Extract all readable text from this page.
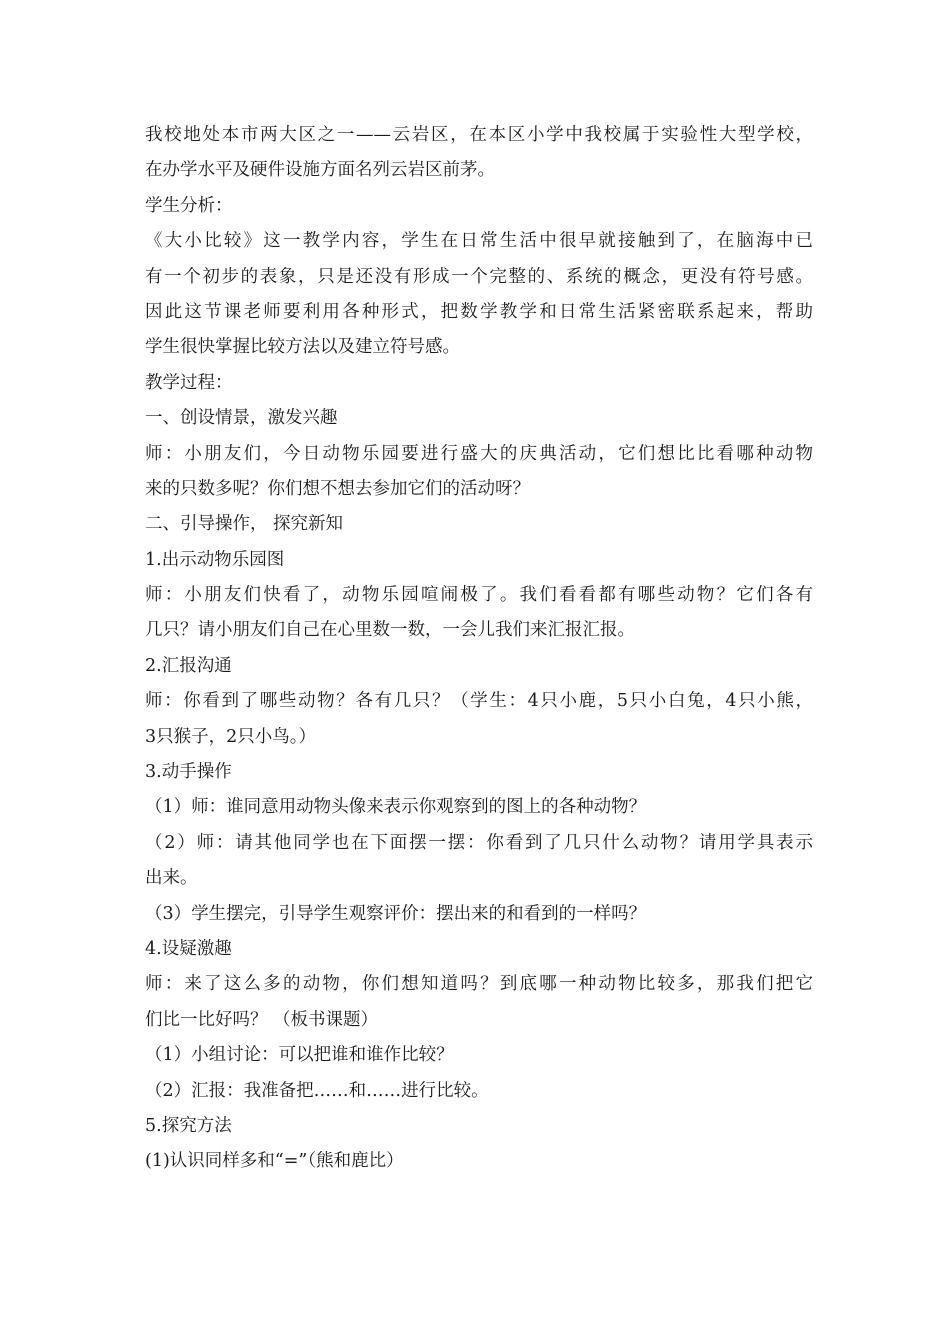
我校地处本市两大区之一——云岩区，在本区小学中我校属于实验性大型学校，
在办学水平及硬件设施方面名列云岩区前茅。
学生分析：
《大小比较》这一教学内容，学生在日常生活中很早就接触到了，在脑海中已
有一个初步的表象，只是还没有形成一个完整的、系统的概念，更没有符号感。
因此这节课老师要利用各种形式，把数学教学和日常生活紧密联系起来，帮助
学生很快掌握比较方法以及建立符号感。
教学过程：
一、创设情景，激发兴趣
师：小朋友们，今日动物乐园要进行盛大的庆典活动，它们想比比看哪种动物
来的只数多呢？你们想不想去参加它们的活动呀？
二、引导操作， 探究新知
1.出示动物乐园图
师：小朋友们快看了，动物乐园喧闹极了。我们看看都有哪些动物？它们各有
几只？请小朋友们自己在心里数一数，一会儿我们来汇报汇报。
2.汇报沟通
师：你看到了哪些动物？各有几只？（学生：4只小鹿，5只小白兔，4只小熊，
3只猴子，2只小鸟。）
3.动手操作
（1）师：谁同意用动物头像来表示你观察到的图上的各种动物？
（2）师：请其他同学也在下面摆一摆：你看到了几只什么动物？请用学具表示
出来。
（3）学生摆完，引导学生观察评价：摆出来的和看到的一样吗？
4.设疑激趣
师：来了这么多的动物，你们想知道吗？到底哪一种动物比较多，那我们把它
们比一比好吗？ （板书课题）
（1）小组讨论：可以把谁和谁作比较？
（2）汇报：我准备把……和……进行比较。
5.探究方法
(1)认识同样多和“=”（熊和鹿比）
